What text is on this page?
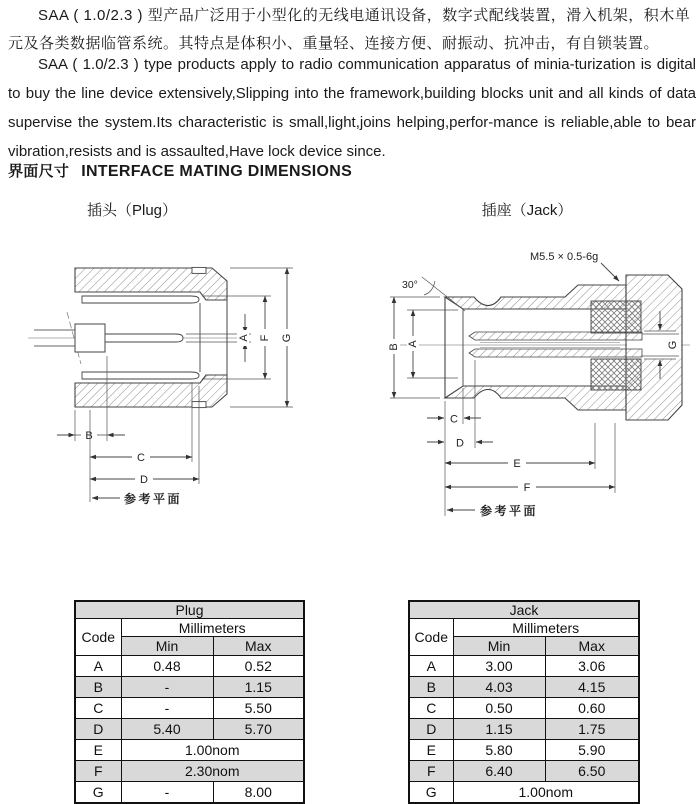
SAA ( 1.0/2.3 ) 型产品广泛用于小型化的无线电通讯设备，数字式配线装置，滑入机架，积木单元及各类数据临管系统。其特点是体积小、重量轻、连接方便、耐振动、抗冲击，有自锁装置。

SAA ( 1.0/2.3 ) type products apply to radio communication apparatus of minia-turization is digital to buy the line device extensively,Slipping into the framework,building blocks unit and all kinds of data supervise the system.Its characteristic is small,light,joins helping,perfor-mance is reliable,able to bear vibration,resists and is assaulted,Have lock device since.

界面尺寸 INTERFACE MATING DIMENSIONS
插头（Plug）	插座（Jack）
A F G
B
C
D
参考平面
30°
M5.5 × 0.5-6g
B A	G
C
D
E
F
参考平面
Plug		
Code	Millimeters	
	Min	Max
A	0.48	0.52
B	-	1.15
C	-	5.50
D	5.40	5.70
E	1.00nom	
F	2.30nom	
G	-	8.00
Jack		
Code	Millimeters	
	Min	Max
A	3.00	3.06
B	4.03	4.15
C	0.50	0.60
D	1.15	1.75
E	5.80	5.90
F	6.40	6.50
G	1.00nom	
